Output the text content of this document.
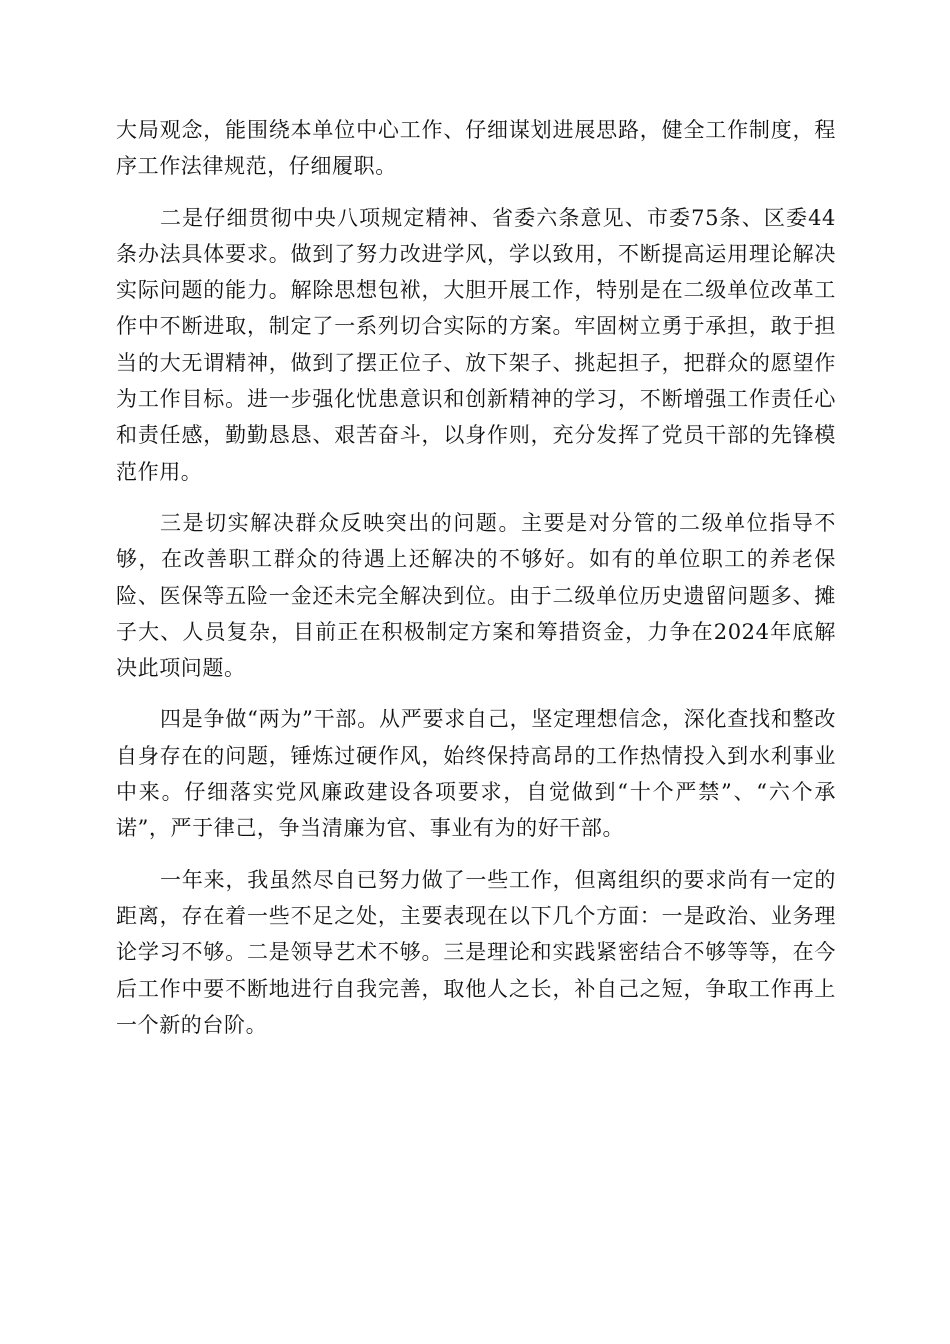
大局观念，能围绕本单位中心工作、仔细谋划进展思路，健全工作制度，程序工作法律规范，仔细履职。

二是仔细贯彻中央八项规定精神、省委六条意见、市委75条、区委44条办法具体要求。做到了努力改进学风，学以致用，不断提高运用理论解决实际问题的能力。解除思想包袱，大胆开展工作，特别是在二级单位改革工作中不断进取，制定了一系列切合实际的方案。牢固树立勇于承担，敢于担当的大无谓精神，做到了摆正位子、放下架子、挑起担子，把群众的愿望作为工作目标。进一步强化忧患意识和创新精神的学习，不断增强工作责任心和责任感，勤勤恳恳、艰苦奋斗，以身作则，充分发挥了党员干部的先锋模范作用。

三是切实解决群众反映突出的问题。主要是对分管的二级单位指导不够，在改善职工群众的待遇上还解决的不够好。如有的单位职工的养老保险、医保等五险一金还未完全解决到位。由于二级单位历史遗留问题多、摊子大、人员复杂，目前正在积极制定方案和筹措资金，力争在2024年底解决此项问题。

四是争做“两为”干部。从严要求自己，坚定理想信念，深化查找和整改自身存在的问题，锤炼过硬作风，始终保持高昂的工作热情投入到水利事业中来。仔细落实党风廉政建设各项要求，自觉做到“十个严禁”、“六个承诺”，严于律己，争当清廉为官、事业有为的好干部。

一年来，我虽然尽自已努力做了一些工作，但离组织的要求尚有一定的距离，存在着一些不足之处，主要表现在以下几个方面：一是政治、业务理论学习不够。二是领导艺术不够。三是理论和实践紧密结合不够等等，在今后工作中要不断地进行自我完善，取他人之长，补自己之短，争取工作再上一个新的台阶。
